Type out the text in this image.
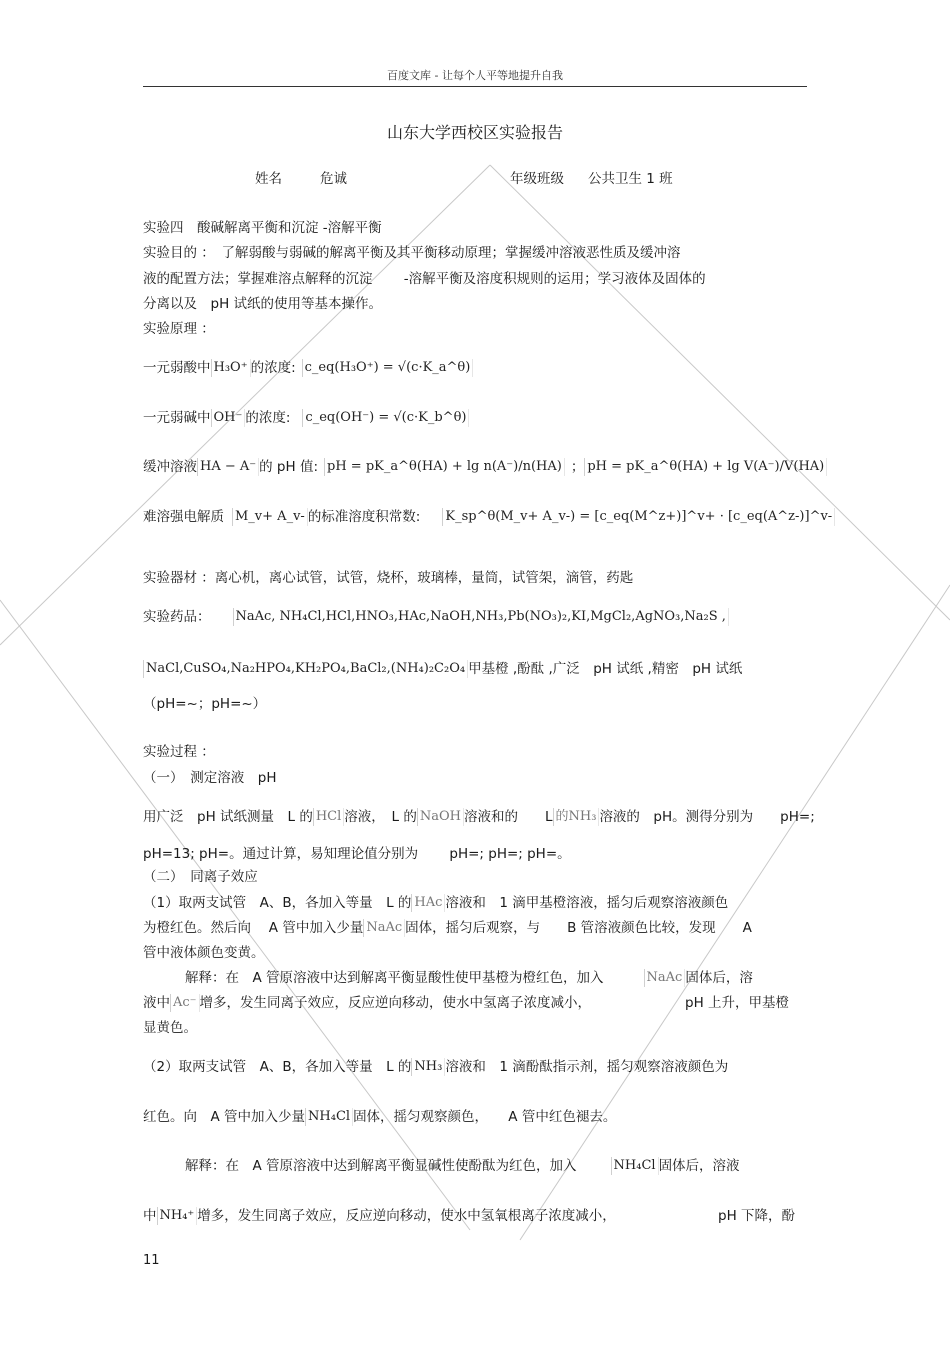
百度文库 - 让每个人平等地提升自我
山东大学西校区实验报告
姓名	危诚	年级班级 公共卫生 1 班
实验四　酸碱解离平衡和沉淀 -溶解平衡
实验目的 ：　了解弱酸与弱碱的解离平衡及其平衡移动原理；掌握缓冲溶液恶性质及缓冲溶
液的配置方法；掌握难溶点解释的沉淀　　 -溶解平衡及溶度积规则的运用；学习液体及固体的
分离以及　pH 试纸的使用等基本操作。
实验原理 ：
一元弱酸中 H₃O⁺ 的浓度: c_eq(H₃O⁺) = √(c·K_a^θ)
一元弱碱中 OH⁻ 的浓度: c_eq(OH⁻) = √(c·K_b^θ)
缓冲溶液 HA − A⁻ 的 pH 值: pH = pK_a^θ(HA) + lg n(A⁻)/n(HA) ； pH = pK_a^θ(HA) + lg V(A⁻)/V(HA)
难溶强电解质 M_v+ A_v- 的标准溶度积常数: K_sp^θ(M_v+ A_v-) = [c_eq(M^z+)]^v+ · [c_eq(A^z-)]^v-
实验器材 ：离心机，离心试管，试管，烧杯，玻璃棒，量筒，试管架，滴管，药匙
实验药品： NaAc, NH₄Cl,HCl,HNO₃,HAc,NaOH,NH₃,Pb(NO₃)₂,KI,MgCl₂,AgNO₃,Na₂S ,
NaCl,CuSO₄,Na₂HPO₄,KH₂PO₄,BaCl₂,(NH₄)₂C₂O₄ 甲基橙 ,酚酞 ,广泛　pH 试纸 ,精密　pH 试纸
（pH=~；pH=~）
实验过程 ：
（一）　测定溶液　pH
用广泛　pH 试纸测量　L 的 HCl 溶液，　L 的 NaOH 溶液和的　　L 的NH₃ 溶液的　pH。测得分别为　　pH=;
pH=13; pH=。通过计算，易知理论值分别为　　 pH=; pH=; pH=。
（二）　同离子效应
（1）取两支试管　A、B，各加入等量　L 的 HAc 溶液和　1 滴甲基橙溶液，摇匀后观察溶液颜色
为橙红色。然后向　 A 管中加入少量 NaAc 固体，摇匀后观察，与　　B 管溶液颜色比较，发现　　A
管中液体颜色变黄。
解释：在　A 管原溶液中达到解离平衡显酸性使甲基橙为橙红色，加入	NaAc 固体后，溶
液中 Ac⁻ 增多，发生同离子效应，反应逆向移动，使水中氢离子浓度减小，	pH 上升，甲基橙
显黄色。
（2）取两支试管　A、B，各加入等量　L 的 NH₃ 溶液和　1 滴酚酞指示剂，摇匀观察溶液颜色为
红色。向　A 管中加入少量 NH₄Cl 固体，摇匀观察颜色，　　A 管中红色褪去。
解释：在　A 管原溶液中达到解离平衡显碱性使酚酞为红色，加入	NH₄Cl 固体后，溶液
中 NH₄⁺ 增多，发生同离子效应，反应逆向移动，使水中氢氧根离子浓度减小，	pH 下降，酚
11
